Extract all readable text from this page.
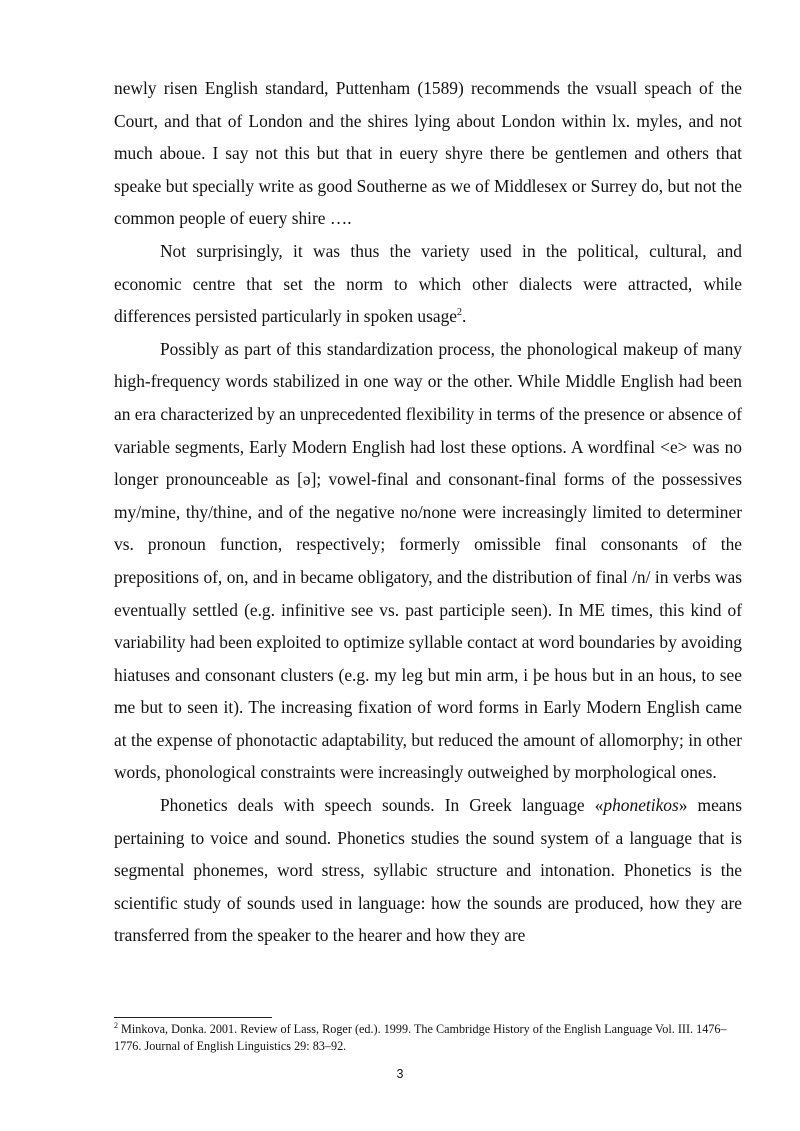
newly risen English standard, Puttenham (1589) recommends the vsuall speach of the Court, and that of London and the shires lying about London within lx. myles, and not much aboue. I say not this but that in euery shyre there be gentlemen and others that speake but specially write as good Southerne as we of Middlesex or Surrey do, but not the common people of euery shire ….

Not surprisingly, it was thus the variety used in the political, cultural, and economic centre that set the norm to which other dialects were attracted, while differences persisted particularly in spoken usage$^2$.

Possibly as part of this standardization process, the phonological makeup of many high-frequency words stabilized in one way or the other. While Middle English had been an era characterized by an unprecedented flexibility in terms of the presence or absence of variable segments, Early Modern English had lost these options. A wordfinal <e> was no longer pronounceable as [ə]; vowel-final and consonant-final forms of the possessives my/mine, thy/thine, and of the negative no/none were increasingly limited to determiner vs. pronoun function, respectively; formerly omissible final consonants of the prepositions of, on, and in became obligatory, and the distribution of final /n/ in verbs was eventually settled (e.g. infinitive see vs. past participle seen). In ME times, this kind of variability had been exploited to optimize syllable contact at word boundaries by avoiding hiatuses and consonant clusters (e.g. my leg but min arm, i þe hous but in an hous, to see me but to seen it). The increasing fixation of word forms in Early Modern English came at the expense of phonotactic adaptability, but reduced the amount of allomorphy; in other words, phonological constraints were increasingly outweighed by morphological ones.

Phonetics deals with speech sounds. In Greek language «phonetikos» means pertaining to voice and sound. Phonetics studies the sound system of a language that is segmental phonemes, word stress, syllabic structure and intonation. Phonetics is the scientific study of sounds used in language: how the sounds are produced, how they are transferred from the speaker to the hearer and how they are

$^2$ Minkova, Donka. 2001. Review of Lass, Roger (ed.). 1999. The Cambridge History of the English Language Vol. III. 1476–1776. Journal of English Linguistics 29: 83–92.
3
